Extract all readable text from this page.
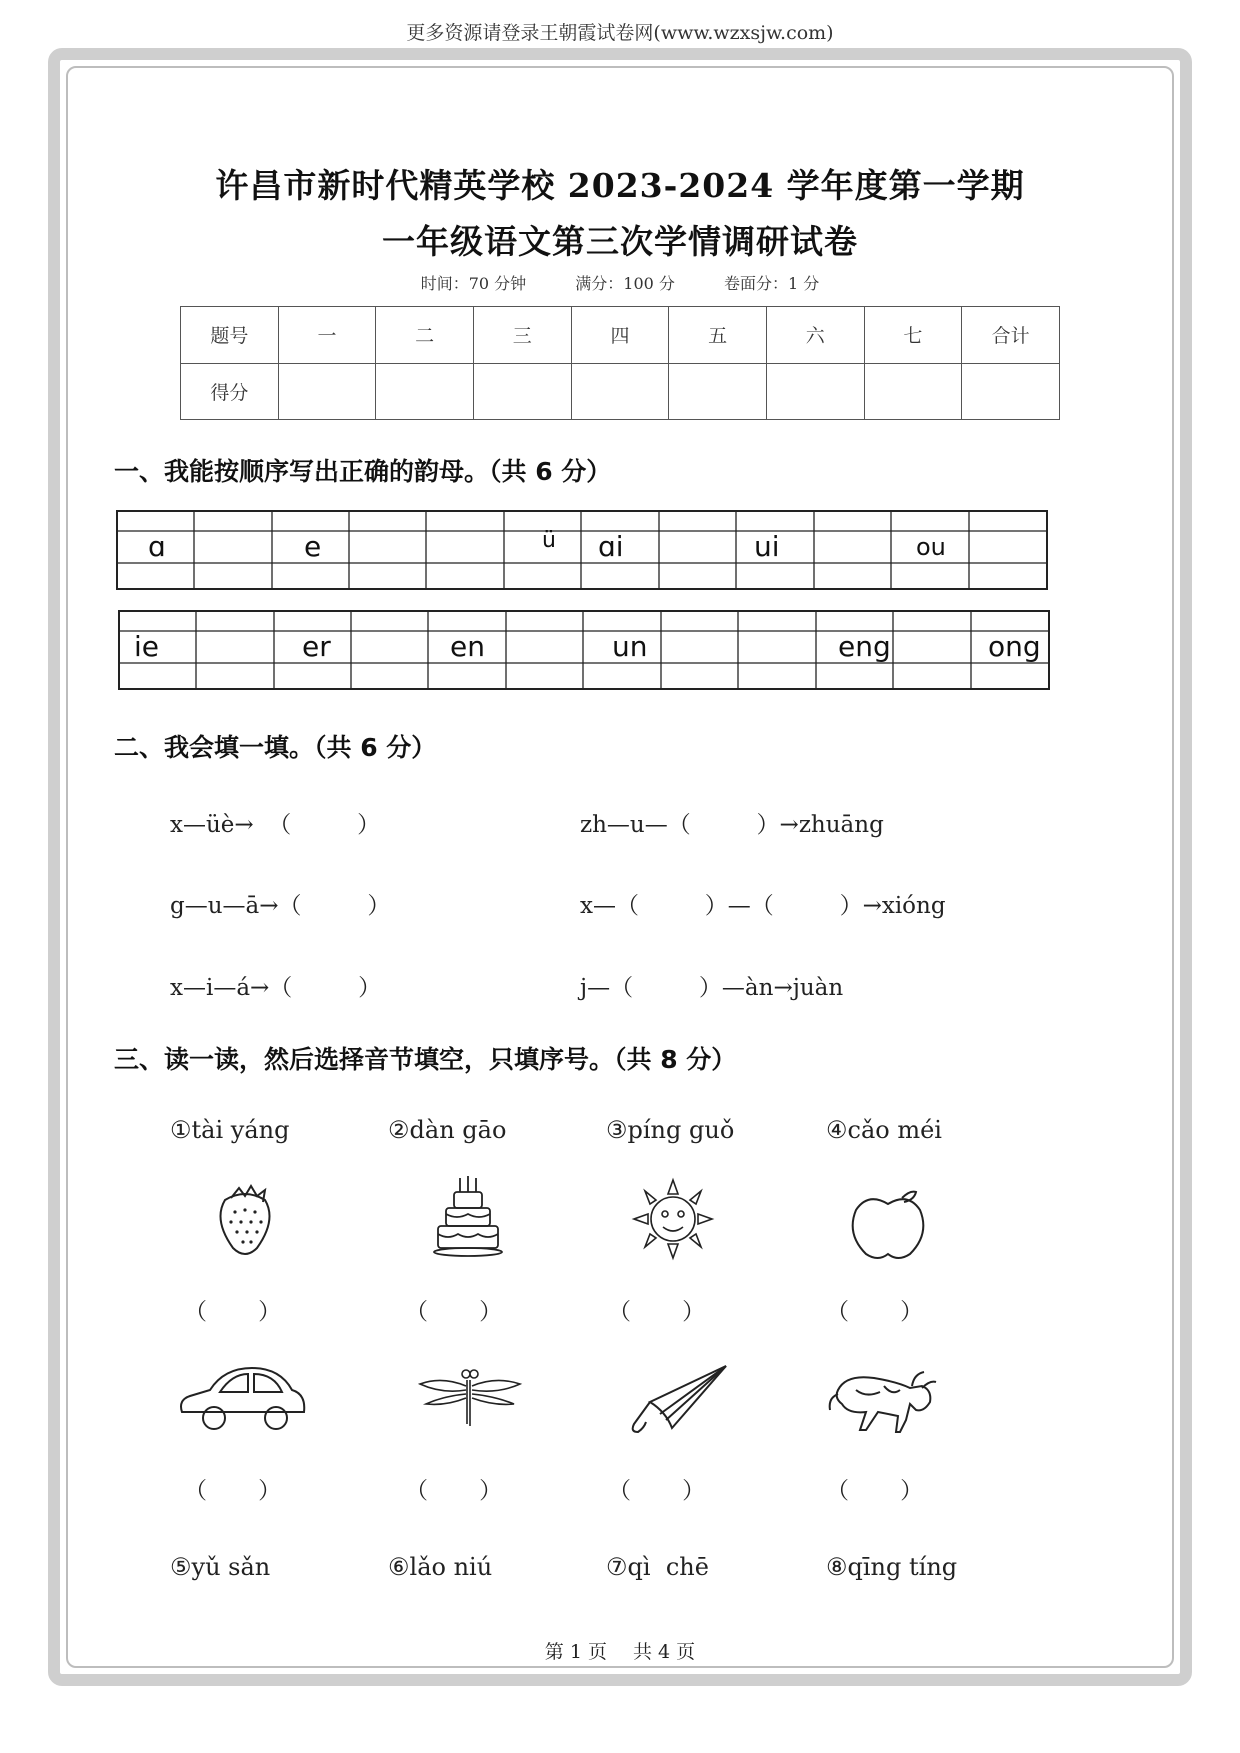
更多资源请登录王朝霞试卷网(www.wzxsjw.com)
许昌市新时代精英学校 2023-2024 学年度第一学期
一年级语文第三次学情调研试卷
时间：70 分钟	满分：100 分	卷面分：1 分
题号	一	二	三	四	五	六	七	合计
得分								
一、我能按顺序写出正确的韵母。（共 6 分）
ɑ	e	ü ɑi	ui	ou
ie	er	en	un	eng	ong
二、我会填一填。（共 6 分）
x—üè→  （         ）	zh—u—（         ）→zhuāng
g—u—ā→（         ）	x—（         ）—（         ）→xióng
x—i—á→（         ）	j—（         ）—àn→juàn
三、读一读，然后选择音节填空，只填序号。（共 8 分）
①tài yáng	②dàn gāo	③píng guǒ	④cǎo méi
（       ）	（       ）	（       ）	（       ）
（       ）	（       ）	（       ）	（       ）
⑤yǔ sǎn	⑥lǎo niú	⑦qì  chē	⑧qīng tíng
第 1 页 共 4 页
